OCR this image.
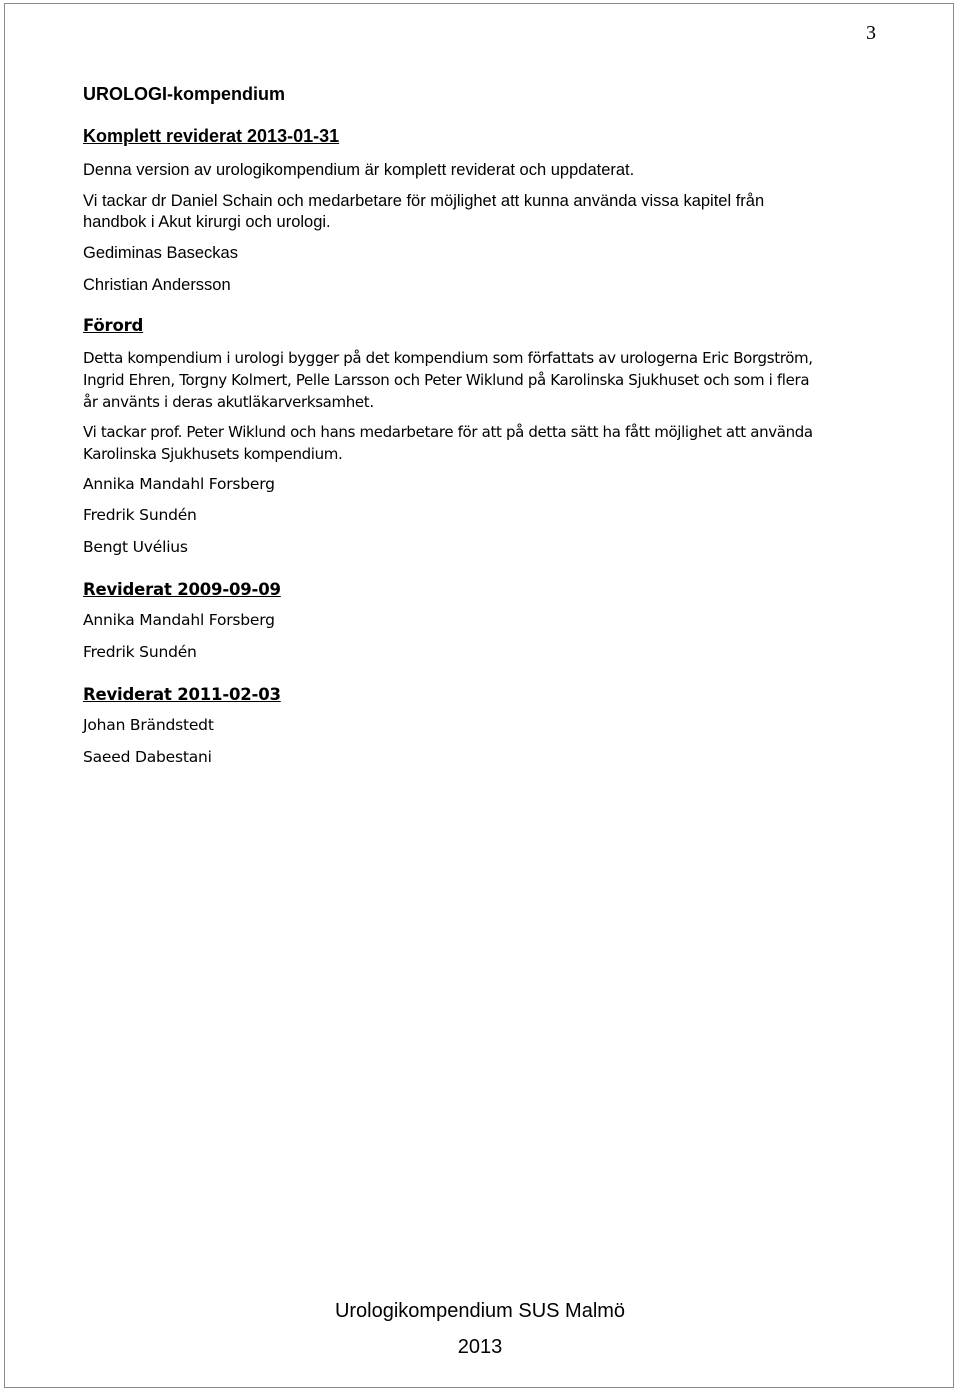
3
UROLOGI-kompendium
Komplett reviderat 2013-01-31
Denna version av urologikompendium är komplett reviderat och uppdaterat.
Vi tackar dr Daniel Schain och medarbetare för möjlighet att kunna använda vissa kapitel från
handbok i Akut kirurgi och urologi.
Gediminas Baseckas
Christian Andersson
Förord
Detta kompendium i urologi bygger på det kompendium som författats av urologerna Eric Borgström,
Ingrid Ehren, Torgny Kolmert, Pelle Larsson och Peter Wiklund på Karolinska Sjukhuset och som i flera
år använts i deras akutläkarverksamhet.
Vi tackar prof. Peter Wiklund och hans medarbetare för att på detta sätt ha fått möjlighet att använda
Karolinska Sjukhusets kompendium.
Annika Mandahl Forsberg
Fredrik Sundén
Bengt Uvélius
Reviderat 2009-09-09
Annika Mandahl Forsberg
Fredrik Sundén
Reviderat 2011-02-03
Johan Brändstedt
Saeed Dabestani
Urologikompendium SUS Malmö
2013
